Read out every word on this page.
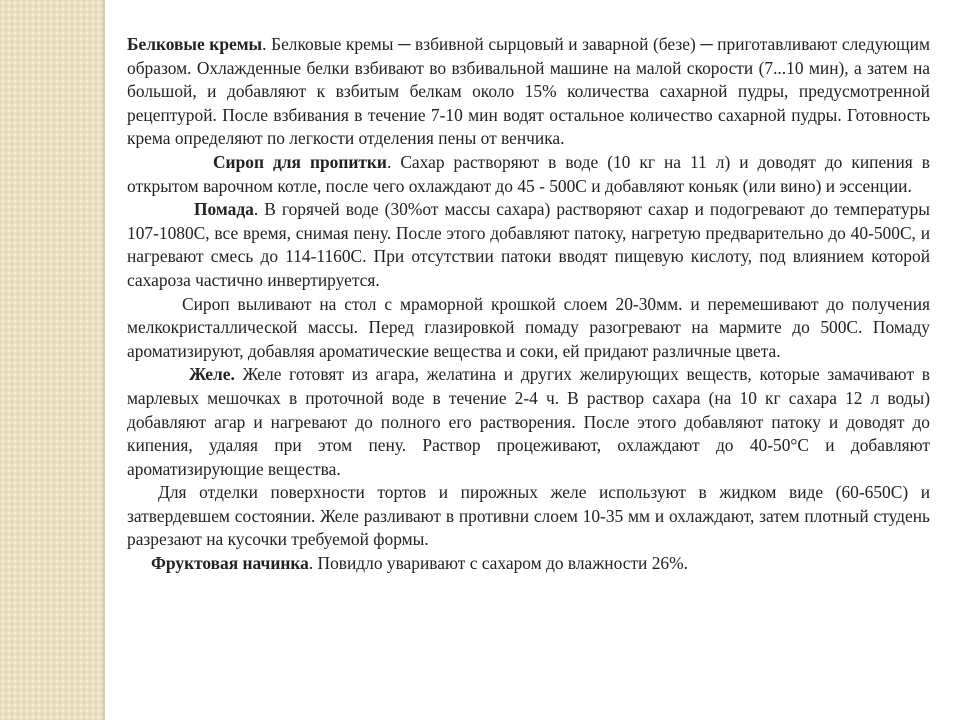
Белковые кремы. Белковые кремы ─ взбивной сырцовый и заварной (безе) ─ приготавливают следующим образом. Охлажденные белки взбивают во взбивальной машине на малой скорости (7...10 мин), а затем на большой, и добавляют к взбитым белкам около 15% количества сахарной пудры, предусмотренной рецептурой. После взбивания в течение 7-10 мин водят остальное количество сахарной пудры. Готовность крема определяют по легкости отделения пены от венчика.

Сироп для пропитки. Сахар растворяют в воде (10 кг на 11 л) и доводят до кипения в открытом варочном котле, после чего охлаждают до 45 - 500С и добавляют коньяк (или вино) и эссенции.

Помада. В горячей воде (30%от массы сахара) растворяют сахар и подогревают до температуры 107-1080С, все время, снимая пену. После этого добавляют патоку, нагретую предварительно до 40-500С, и нагревают смесь до 114-1160С. При отсутствии патоки вводят пищевую кислоту, под влиянием которой сахароза частично инвертируется.

Сироп выливают на стол с мраморной крошкой слоем 20-30мм. и перемешивают до получения мелкокристаллической массы. Перед глазировкой помаду разогревают на мармите до 500С. Помаду ароматизируют, добавляя ароматические вещества и соки, ей придают различные цвета.

Желе. Желе готовят из агара, желатина и других желирующих веществ, которые замачивают в марлевых мешочках в проточной воде в течение 2-4 ч. В раствор сахара (на 10 кг сахара 12 л воды) добавляют агар и нагревают до полного его растворения. После этого добавляют патоку и доводят до кипения, удаляя при этом пену. Раствор процеживают, охлаждают до 40-50°С и добавляют ароматизирующие вещества.

Для отделки поверхности тортов и пирожных желе используют в жидком виде (60-650С) и затвердевшем состоянии. Желе разливают в противни слоем 10-35 мм и охлаждают, затем плотный студень разрезают на кусочки требуемой формы.

Фруктовая начинка. Повидло уваривают с сахаром до влажности 26%.
